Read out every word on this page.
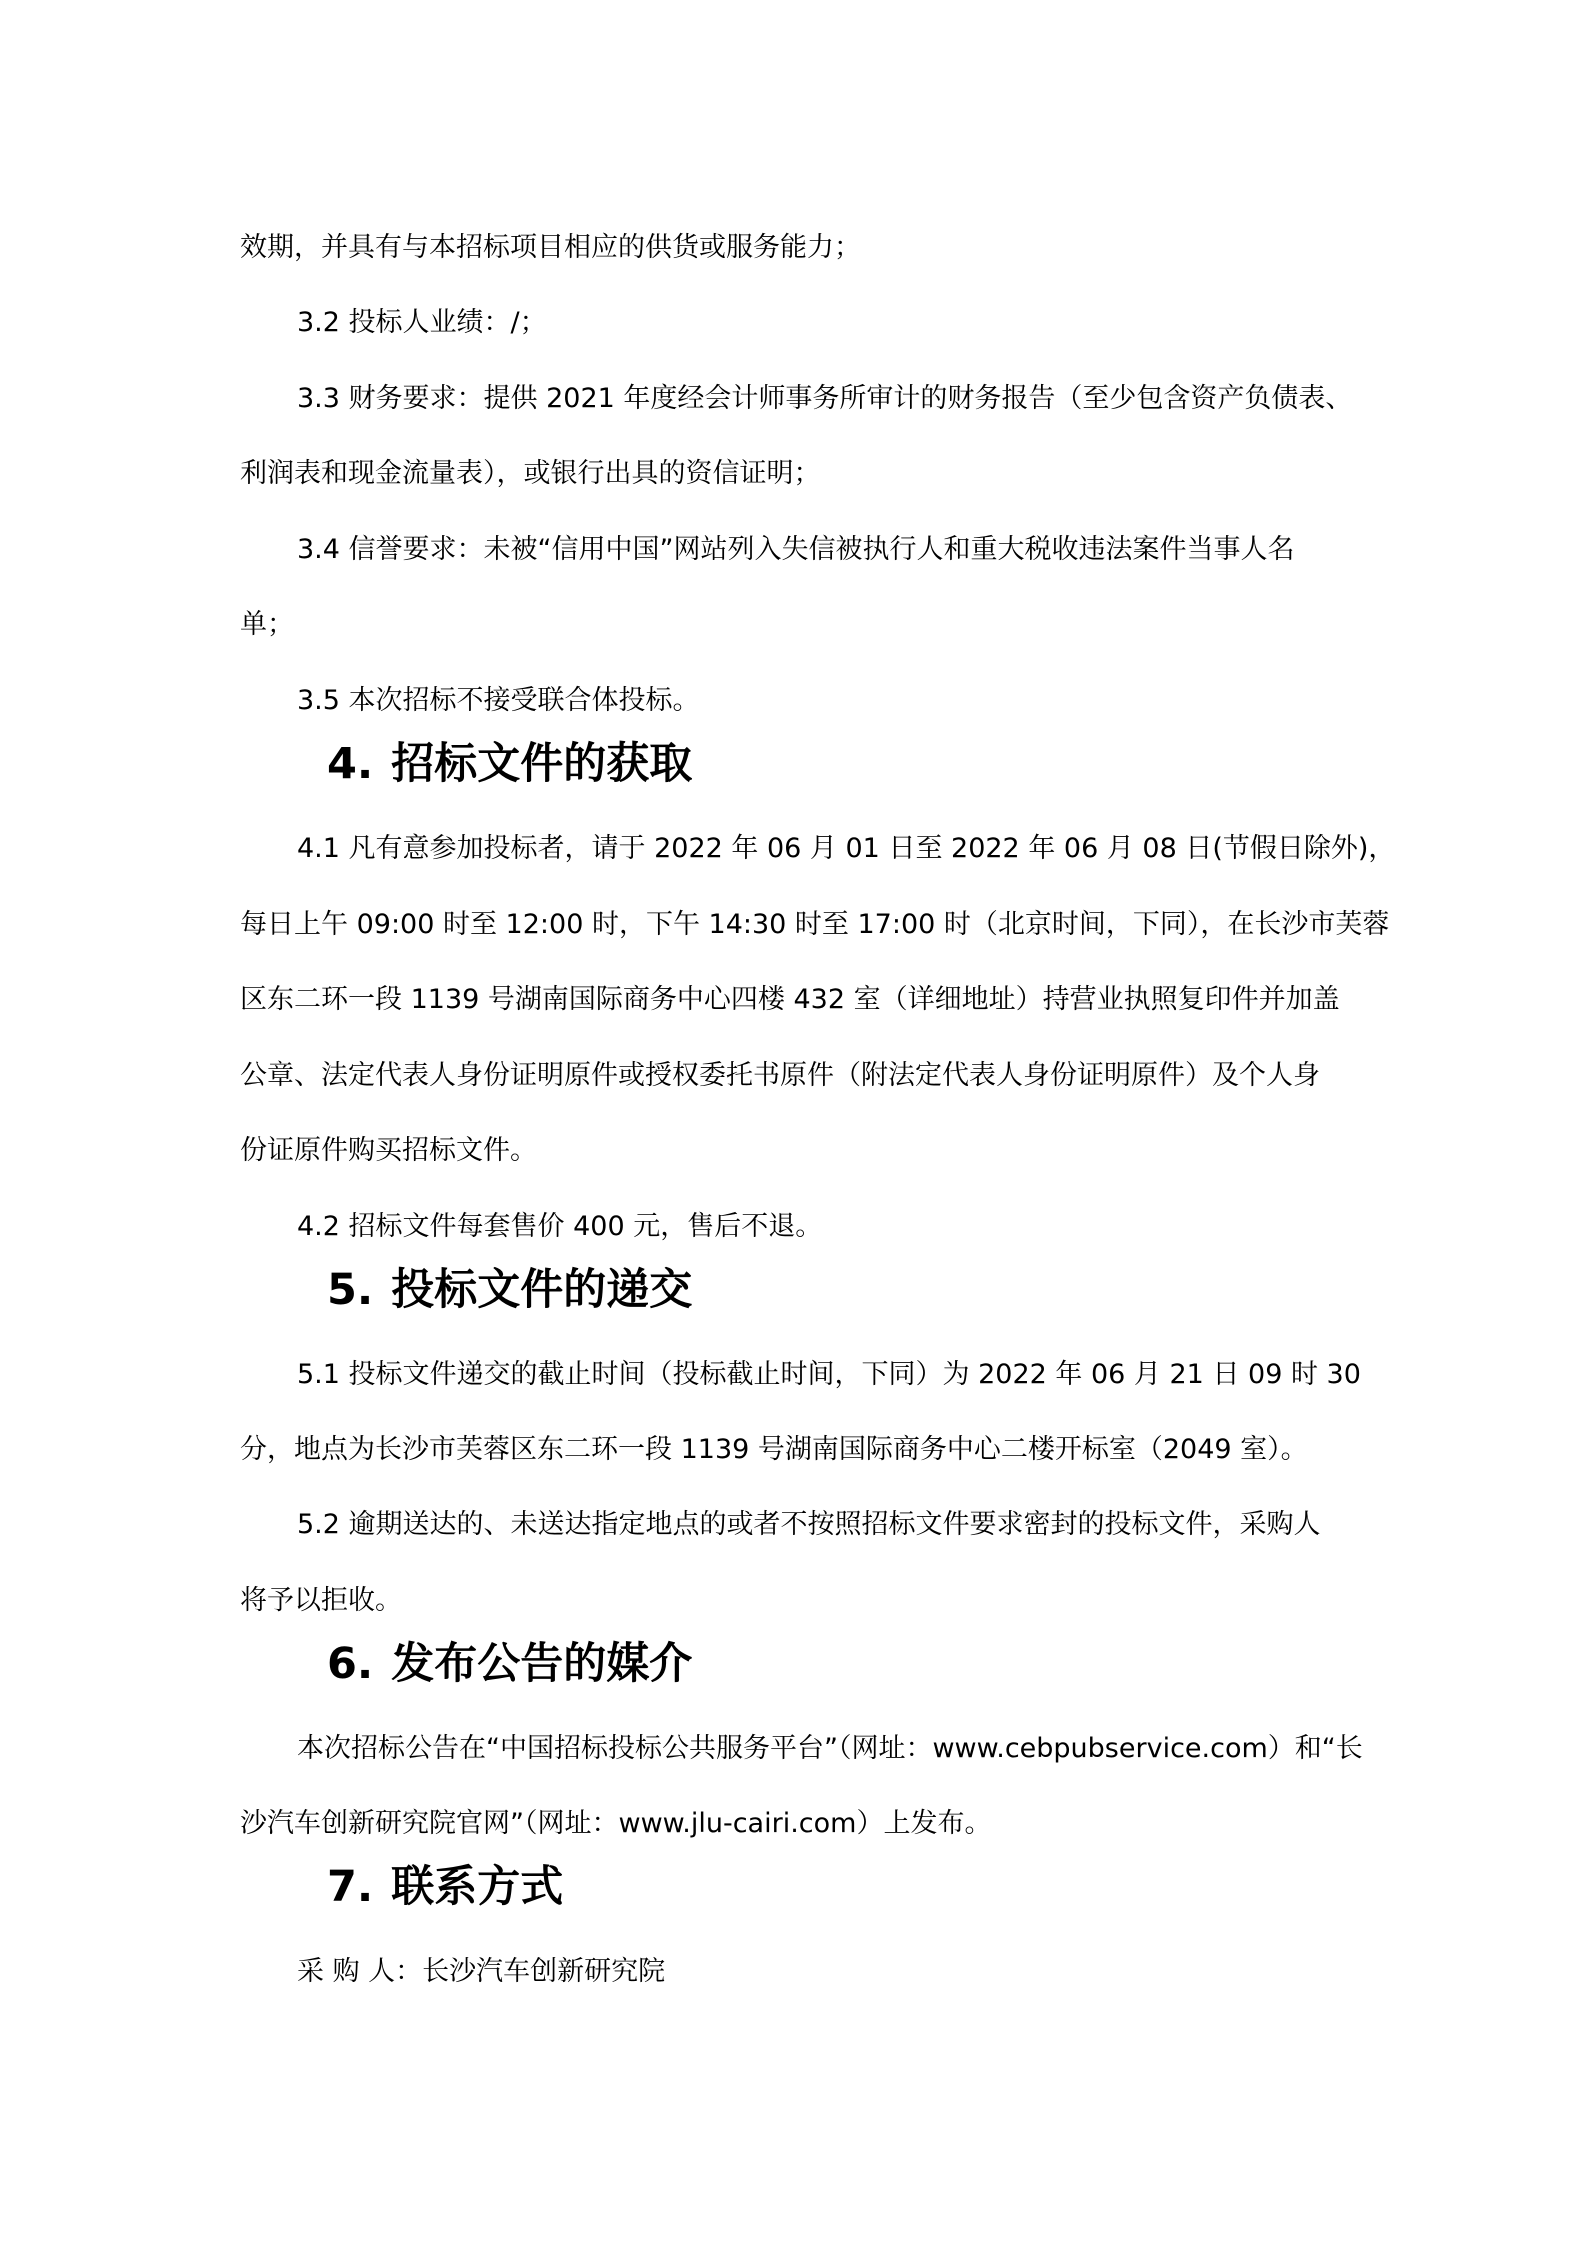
效期，并具有与本招标项目相应的供货或服务能力；

3.2 投标人业绩：/；

3.3 财务要求：提供 2021 年度经会计师事务所审计的财务报告（至少包含资产负债表、

利润表和现金流量表），或银行出具的资信证明；

3.4 信誉要求：未被“信用中国”网站列入失信被执行人和重大税收违法案件当事人名

单；

3.5 本次招标不接受联合体投标。

4. 招标文件的获取

4.1 凡有意参加投标者，请于 2022 年 06 月 01 日至 2022 年 06 月 08 日(节假日除外)，

每日上午 09:00 时至 12:00 时，下午 14:30 时至 17:00 时（北京时间，下同），在长沙市芙蓉

区东二环一段 1139 号湖南国际商务中心四楼 432 室（详细地址）持营业执照复印件并加盖

公章、法定代表人身份证明原件或授权委托书原件（附法定代表人身份证明原件）及个人身

份证原件购买招标文件。

4.2 招标文件每套售价 400 元，售后不退。

5. 投标文件的递交

5.1 投标文件递交的截止时间（投标截止时间，下同）为 2022 年 06 月 21 日 09 时 30

分，地点为长沙市芙蓉区东二环一段 1139 号湖南国际商务中心二楼开标室（2049 室）。

5.2 逾期送达的、未送达指定地点的或者不按照招标文件要求密封的投标文件，采购人

将予以拒收。

6. 发布公告的媒介

本次招标公告在“中国招标投标公共服务平台”（网址：www.cebpubservice.com）和“长

沙汽车创新研究院官网”（网址：www.jlu-cairi.com）上发布。

7. 联系方式

采 购 人：长沙汽车创新研究院
